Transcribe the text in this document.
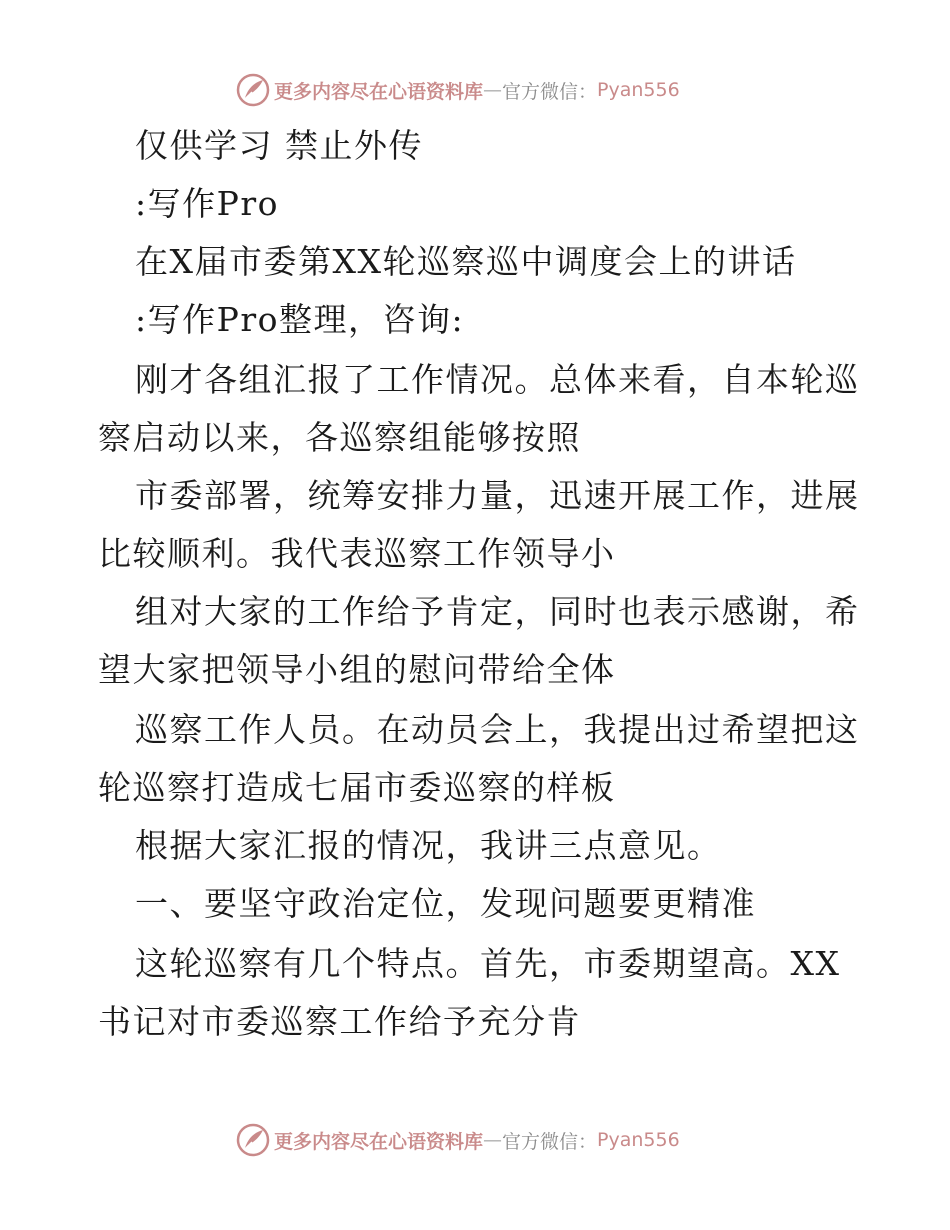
更多内容尽在心语资料库 — 官方微信： Pyan556
仅供学习 禁止外传
:写作Pro
在X届市委第XX轮巡察巡中调度会上的讲话
:写作Pro整理，咨询:
刚才各组汇报了工作情况。总体来看，自本轮巡
察启动以来，各巡察组能够按照
市委部署，统筹安排力量，迅速开展工作，进展
比较顺利。我代表巡察工作领导小
组对大家的工作给予肯定，同时也表示感谢，希
望大家把领导小组的慰问带给全体
巡察工作人员。在动员会上，我提出过希望把这
轮巡察打造成七届市委巡察的样板
根据大家汇报的情况，我讲三点意见。
一、要坚守政治定位，发现问题要更精准
这轮巡察有几个特点。首先，市委期望高。XX
书记对市委巡察工作给予充分肯
更多内容尽在心语资料库 — 官方微信： Pyan556
